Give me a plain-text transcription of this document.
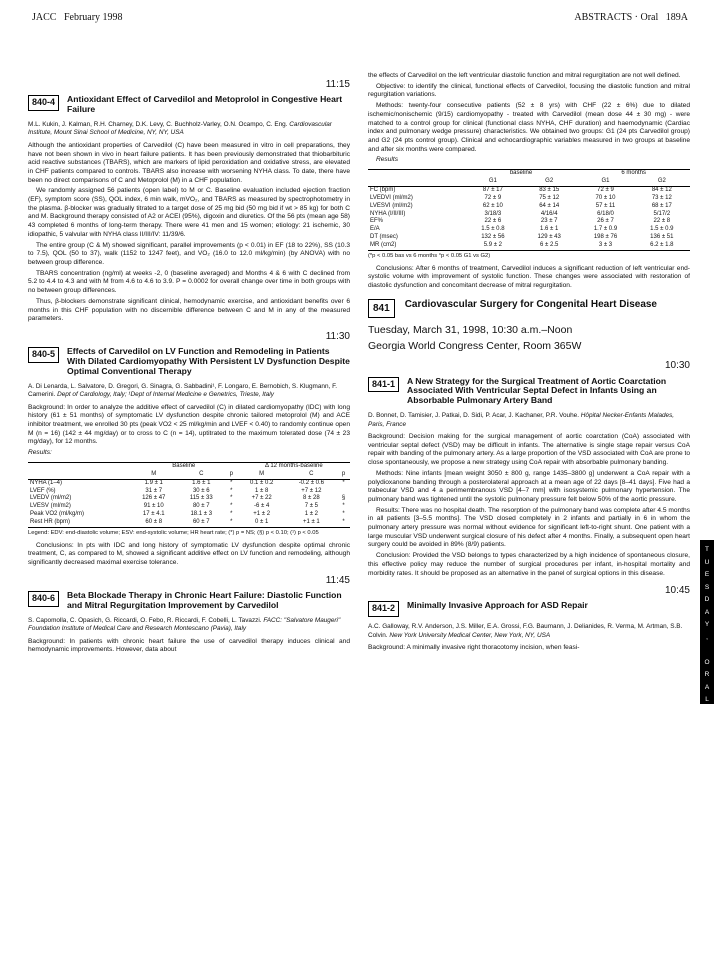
JACC February 1998	ABSTRACTS · Oral 189A
11:15
840-4	Antioxidant Effect of Carvedilol and Metoprolol in Congestive Heart Failure
M.L. Kukin, J. Kalman, R.H. Charney, D.K. Levy, C. Buchholz-Varley, O.N. Ocampo, C. Eng. Cardiovascular Institute, Mount Sinai School of Medicine, NY, NY, USA

Although the antioxidant properties of Carvedilol (C) have been measured in vitro in cell preparations, they have not been shown in vivo in heart failure patients. It has been previously demonstrated that thiobarbituric acid reactive substances (TBARS), which are markers of lipid peroxidation and oxidative stress, are elevated in CHF patients compared to controls. TBARS also increase with worsening NYHA class. To date, there have been no direct comparisons of C and Metoprolol (M) in a CHF population.

We randomly assigned 56 patients (open label) to M or C. Baseline evaluation included ejection fraction (EF), symptom score (SS), QOL index, 6 min walk, mVO₂, and TBARS as measured by spectrophotometry in the plasma. β-blocker was gradually titrated to a target dose of 25 mg bid (50 mg bid if wt > 85 kg) for both C and M. Background therapy consisted of A2 or ACEI (95%), digoxin and diuretics. Of the 56 pts (mean age 58) 43 completed 6 months of long-term therapy. There were 41 men and 15 women; etiology: 21 ischemic, 30 idiopathic, 5 valvular with NYHA class II/III/IV: 11/39/6.

The entire group (C & M) showed significant, parallel improvements (p < 0.01) in EF (18 to 22%), SS (10.3 to 7.5), QOL (50 to 37), walk (1152 to 1247 feet), and VO₂ (16.0 to 12.0 ml/kg/min) (by ANOVA) with no between group difference.

TBARS concentration (ng/ml) at weeks -2, 0 (baseline averaged) and Months 4 & 6 with C declined from 5.2 to 4.4 to 4.3 and with M from 4.6 to 4.6 to 3.9. P = 0.0002 for overall change over time in both groups with no between group differences.

Thus, β-blockers demonstrate significant clinical, hemodynamic exercise, and antioxidant benefits over 6 months in this CHF population with no discernible difference between C and M in any of the measured parameters.

11:30
840-5	Effects of Carvedilol on LV Function and Remodeling in Patients With Dilated Cardiomyopathy With Persistent LV Dysfunction Despite Optimal Conventional Therapy
A. Di Lenarda, L. Salvatore, D. Gregori, G. Sinagra, G. Sabbadini¹, F. Longaro, E. Bernobich, S. Klugmann, F. Camerini. Dept of Cardiology, Italy; ¹Dept of Internal Medicine e Genetrics, Trieste, Italy

Background: In order to analyze the additive effect of carvedilol (C) in dilated cardiomyopathy (IDC) with long history (61 ± 51 months) of symptomatic LV dysfunction despite chronic tailored metoprolol (M) and ACE inhibitor treatment, we enrolled 30 pts (peak VO2 < 25 ml/kg/min and LVEF < 0.40) to randomly continue open M (n = 16) (142 ± 44 mg/day) or to cross to C (n = 14), uptitrated to the maximum tolerated dose (74 ± 23 mg/day), for 12 months.

Results:

	Baseline			Δ 12 months-baseline		
	M	C	p	M	C	p
NYHA (1–4)	1.9 ± 1	1.6 ± 1	*	0.1 ± 0.2	-0.2 ± 0.6	*
LVEF (%)	31 ± 7	30 ± 6	*	1 ± 8	+7 ± 12	
LVEDV (ml/m2)	126 ± 47	115 ± 33	*	+7 ± 22	8 ± 28	§
LVESV (ml/m2)	91 ± 10	80 ± 7	*	-6 ± 4	7 ± 5	*
Peak VO2 (ml/kg/m)	17 ± 4.1	18.1 ± 3	*	+1 ± 2	1 ± 2	*
Rest HR (bpm)	60 ± 8	60 ± 7	*	0 ± 1	+1 ± 1	*
Legend: EDV: end-diastolic volume; ESV: end-systolic volume; HR heart rate; (*) p = NS; (§) p < 0.10; (¹) p < 0.05

Conclusions: In pts with IDC and long history of symptomatic LV dysfunction despite optimal chronic treatment, C, as compared to M, showed a significant additive effect on LV function and remodeling, although significantly decreased maximal exercise tolerance.

11:45
840-6	Beta Blockade Therapy in Chronic Heart Failure: Diastolic Function and Mitral Regurgitation Improvement by Carvedilol
S. Capomolla, C. Opasich, G. Riccardi, O. Febo, R. Riccardi, F. Cobelli, L. Tavazzi. FACC: "Salvatore Maugeri" Foundation Institute of Medical Care and Research Montescano (Pavia), Italy

Background: In patients with chronic heart failure the use of carvedilol therapy induces clinical and hemodynamic improvements. However, data about

the effects of Carvedilol on the left ventricular diastolic function and mitral regurgitation are not well defined.

Objective: to identify the clinical, functional effects of Carvedilol, focusing the diastolic function and mitral regurgitation variations.

Methods: twenty-four consecutive patients (52 ± 8 yrs) with CHF (22 ± 6%) due to dilated ischemic/nonischemic (9/15) cardiomyopathy - treated with Carvedilol (mean dose 44 ± 30 mg) - were matched to a control group for clinical (functional class NYHA, CHF duration) and haemodynamic (Cardiac index and pulmonary wedge pressure) characteristics. We obtained two groups: G1 (24 pts Carvedilol group) and G2 (24 pts control group). Clinical and echocardiographic variables measured in two groups at baseline and after six months were compared.

Results

	baseline		6 months	
	G1	G2	G1	G2
FC (bpm)	87 ± 17	83 ± 15	72 ± 9	84 ± 12
LVEDVI (ml/m2)	72 ± 9	75 ± 12	70 ± 10	73 ± 12
LVESVI (ml/m2)	62 ± 10	64 ± 14	57 ± 11	68 ± 17
NYHA (I/II/III)	3/18/3	4/16/4	6/18/0	5/17/2
EF%	22 ± 6	23 ± 7	26 ± 7	22 ± 8
E/A	1.5 ± 0.8	1.6 ± 1	1.7 ± 0.9	1.5 ± 0.9
DT (msec)	132 ± 56	129 ± 43	198 ± 76	136 ± 51
MR (cm2)	5.9 ± 2	6 ± 2.5	3 ± 3	6.2 ± 1.8
(*p < 0.05 bas vs 6 months °p < 0.05 G1 vs G2)

Conclusions: After 6 months of treatment, Carvedilol induces a significant reduction of left ventricular end-systolic volume with improvement of systolic function. These changes were associated with restoration of diastolic dysfunction and concomitant decrease of mitral regurgitation.

841	Cardiovascular Surgery for Congenital Heart Disease
Tuesday, March 31, 1998, 10:30 a.m.–Noon
Georgia World Congress Center, Room 365W
10:30
841-1	A New Strategy for the Surgical Treatment of Aortic Coarctation Associated With Ventricular Septal Defect in Infants Using an Absorbable Pulmonary Artery Band
D. Bonnet, D. Tamisier, J. Patkai, D. Sidi, P. Acar, J. Kachaner, P.R. Vouhe. Hôpital Necker-Enfants Malades, Paris, France

Background: Decision making for the surgical management of aortic coarctation (CoA) associated with ventricular septal defect (VSD) may be difficult in infants. The alternative is single stage repair versus CoA repair with banding of the pulmonary artery. As a large proportion of the VSD associated with CoA are prone to close spontaneously, we propose a new strategy using CoA repair with absorbable pulmonary banding.

Methods: Nine infants [mean weight 3050 ± 800 g, range 1435–3800 g] underwent a CoA repair with a polydioxanone banding through a posterolateral approach at a mean age of 22 days [8–41 days]. Five had a trabecular VSD and 4 a perimembranous VSD [4–7 mm] with isosystemic pulmonary hypertension. The pulmonary band was tightened until the systolic pulmonary pressure felt below 50% of the aortic pressure.

Results: There was no hospital death. The resorption of the pulmonary band was complete after 4.5 months in all patients [3–5.5 months]. The VSD closed completely in 2 infants and partially in 6 in whom the pulmonary artery pressure was normal without evidence for significant left-to-right shunt. One patient with a large muscular VSD underwent surgical closure of his defect after 4 months. Finally, a subsequent open heart surgery could be avoided in 89% (8/9) patients.

Conclusion: Provided the VSD belongs to types characterized by a high incidence of spontaneous closure, this effective policy may reduce the number of surgical procedures per infant, in-hospital mortality and morbidity rates. It should be proposed as an alternative in the panel of surgical options in this disease.

10:45
841-2	Minimally Invasive Approach for ASD Repair
A.C. Galloway, R.V. Anderson, J.S. Miller, E.A. Grossi, F.G. Baumann, J. Delianides, R. Verma, M. Artman, S.B. Colvin. New York University Medical Center, New York, NY, USA

Background: A minimally invasive right thoracotomy incision, when feasi-

T
U
E
S
D
A
Y
,

O
R
A
L
